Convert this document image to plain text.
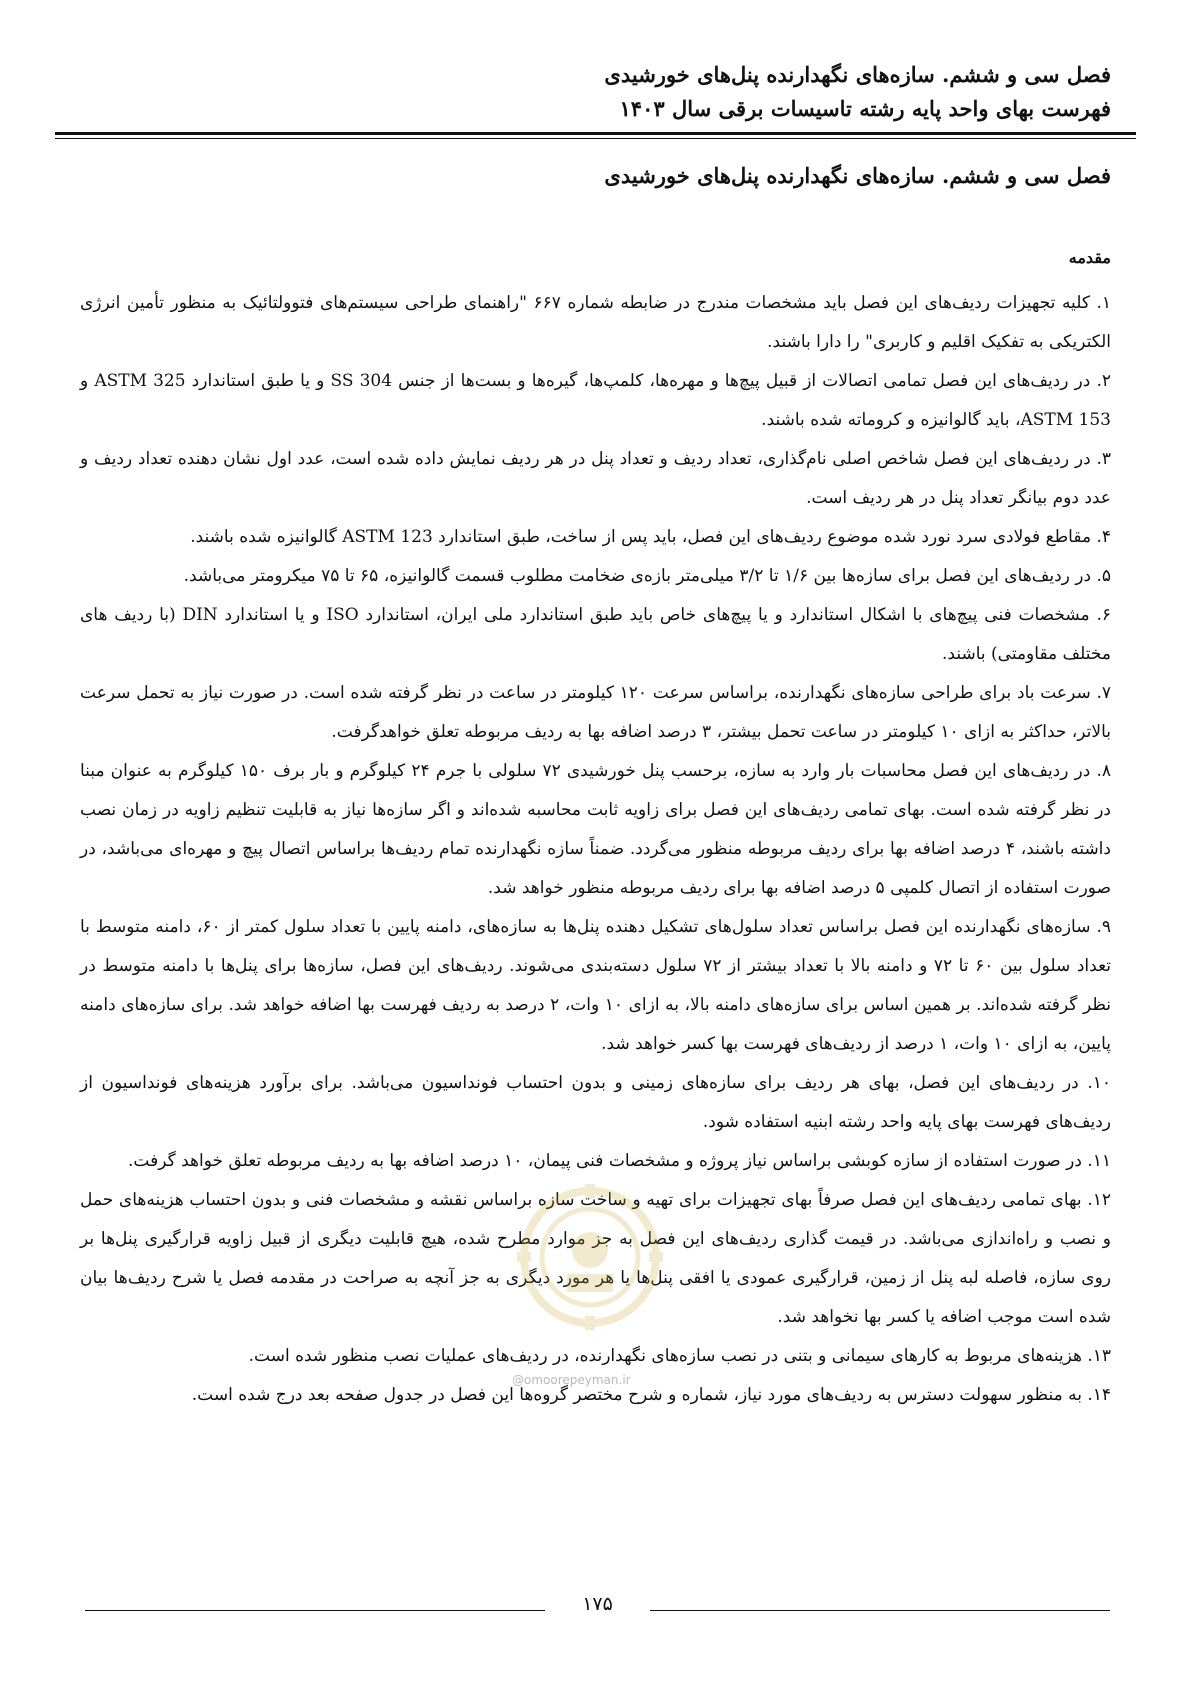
فصل سی و ششم. سازه‌های نگهدارنده پنل‌های خورشیدی
فهرست بهای واحد پایه رشته تاسیسات برقی سال ۱۴۰۳
فصل سی و ششم. سازه‌های نگهدارنده پنل‌های خورشیدی
مقدمه

۱. کلیه تجهیزات ردیف‌های این فصل باید مشخصات مندرج در ضابطه شماره ۶۶۷ "راهنمای طراحی سیستم‌های فتوولتائیک به منظور تأمین انرژی الکتریکی به تفکیک اقلیم و کاربری" را دارا باشند.

۲. در ردیف‌های این فصل تمامی اتصالات از قبیل پیچ‌ها و مهره‌ها، کلمپ‌ها، گیره‌ها و بست‌ها از جنس SS 304 و یا طبق استاندارد ASTM 325 و ASTM 153، باید گالوانیزه و کروماته شده باشند.

۳. در ردیف‌های این فصل شاخص اصلی نام‌گذاری، تعداد ردیف و تعداد پنل در هر ردیف نمایش داده شده است، عدد اول نشان دهنده تعداد ردیف و عدد دوم بیانگر تعداد پنل در هر ردیف است.

۴. مقاطع فولادی سرد نورد شده موضوع ردیف‌های این فصل، باید پس از ساخت، طبق استاندارد ASTM 123 گالوانیزه شده باشند.

۵. در ردیف‌های این فصل برای سازه‌ها بین ۱/۶ تا ۳/۲ میلی‌متر بازه‌ی ضخامت مطلوب قسمت گالوانیزه، ۶۵ تا ۷۵ میکرومتر می‌باشد.

۶. مشخصات فنی پیچ‌های با اشکال استاندارد و یا پیچ‌های خاص باید طبق استاندارد ملی ایران، استاندارد ISO و یا استاندارد DIN (با ردیف های مختلف مقاومتی) باشند.

۷. سرعت باد برای طراحی سازه‌های نگهدارنده، براساس سرعت ۱۲۰ کیلومتر در ساعت در نظر گرفته شده است. در صورت نیاز به تحمل سرعت بالاتر، حداکثر به ازای ۱۰ کیلومتر در ساعت تحمل بیشتر، ۳ درصد اضافه بها به ردیف مربوطه تعلق خواهدگرفت.

۸. در ردیف‌های این فصل محاسبات بار وارد به سازه، برحسب پنل خورشیدی ۷۲ سلولی با جرم ۲۴ کیلوگرم و بار برف ۱۵۰ کیلوگرم به عنوان مبنا در نظر گرفته شده است. بهای تمامی ردیف‌های این فصل برای زاویه ثابت محاسبه شده‌اند و اگر سازه‌ها نیاز به قابلیت تنظیم زاویه در زمان نصب داشته باشند، ۴ درصد اضافه بها برای ردیف مربوطه منظور می‌گردد. ضمناً سازه نگهدارنده تمام ردیف‌ها براساس اتصال پیچ و مهره‌ای می‌باشد، در صورت استفاده از اتصال کلمپی ۵ درصد اضافه بها برای ردیف مربوطه منظور خواهد شد.

۹. سازه‌های نگهدارنده این فصل براساس تعداد سلول‌های تشکیل دهنده پنل‌ها به سازه‌های، دامنه پایین با تعداد سلول کمتر از ۶۰، دامنه متوسط با تعداد سلول بین ۶۰ تا ۷۲ و دامنه بالا با تعداد بیشتر از ۷۲ سلول دسته‌بندی می‌شوند. ردیف‌های این فصل، سازه‌ها برای پنل‌ها با دامنه متوسط در نظر گرفته شده‌اند. بر همین اساس برای سازه‌های دامنه بالا، به ازای ۱۰ وات، ۲ درصد به ردیف فهرست بها اضافه خواهد شد. برای سازه‌های دامنه پایین، به ازای ۱۰ وات، ۱ درصد از ردیف‌های فهرست بها کسر خواهد شد.

۱۰. در ردیف‌های این فصل، بهای هر ردیف برای سازه‌های زمینی و بدون احتساب فونداسیون می‌باشد. برای برآورد هزینه‌های فونداسیون از ردیف‌های فهرست بهای پایه واحد رشته ابنیه استفاده شود.

۱۱. در صورت استفاده از سازه کوبشی براساس نیاز پروژه و مشخصات فنی پیمان، ۱۰ درصد اضافه بها به ردیف مربوطه تعلق خواهد گرفت.

۱۲. بهای تمامی ردیف‌های این فصل صرفاً بهای تجهیزات برای تهیه و ساخت سازه براساس نقشه و مشخصات فنی و بدون احتساب هزینه‌های حمل و نصب و راه‌اندازی می‌باشد. در قیمت گذاری ردیف‌های این فصل به جز موارد مطرح شده، هیچ قابلیت دیگری از قبیل زاویه قرارگیری پنل‌ها بر روی سازه، فاصله لبه پنل از زمین، قرارگیری عمودی یا افقی پنل‌ها یا هر مورد دیگری به جز آنچه به صراحت در مقدمه فصل یا شرح ردیف‌ها بیان شده است موجب اضافه یا کسر بها نخواهد شد.

۱۳. هزینه‌های مربوط به کارهای سیمانی و بتنی در نصب سازه‌های نگهدارنده، در ردیف‌های عملیات نصب منظور شده است.

۱۴. به منظور سهولت دسترس به ردیف‌های مورد نیاز، شماره و شرح مختصر گروه‌ها این فصل در جدول صفحه بعد درج شده است.

@omoorepeyman.ir
۱۷۵
